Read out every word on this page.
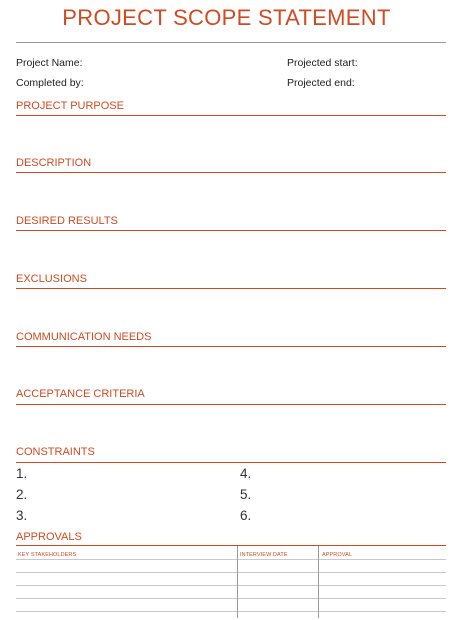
PROJECT SCOPE STATEMENT
Project Name:
Completed by:
Projected start:
Projected end:
PROJECT PURPOSE
DESCRIPTION
DESIRED RESULTS
EXCLUSIONS
COMMUNICATION NEEDS
ACCEPTANCE CRITERIA
CONSTRAINTS
1.
2.
3.
4.
5.
6.
APPROVALS
KEY STAKEHOLDERS	INTERVIEW DATE	APPROVAL
